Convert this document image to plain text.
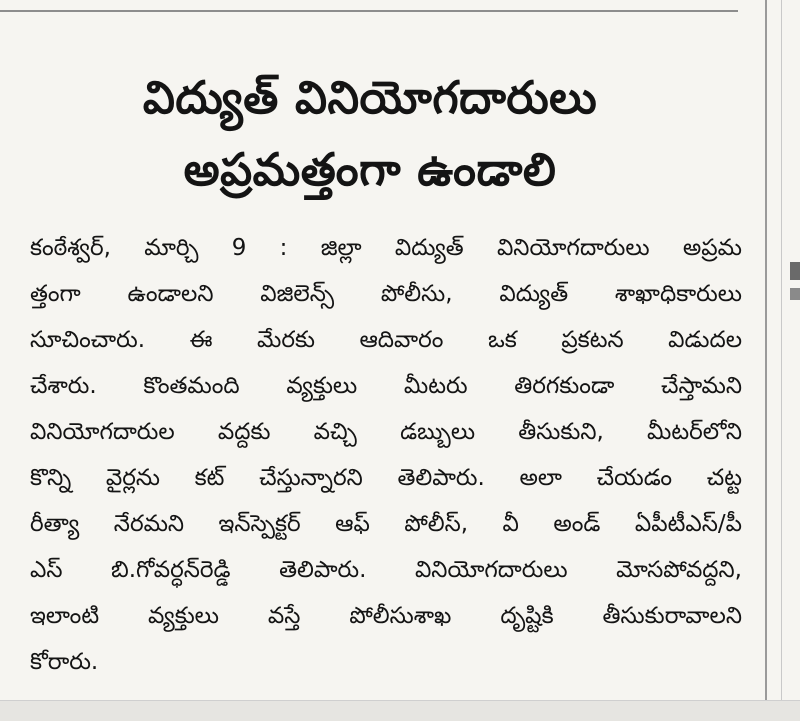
విద్యుత్ వినియోగదారులు
అప్రమత్తంగా ఉండాలి
కంఠేశ్వర్, మార్చి 9 : జిల్లా విద్యుత్ వినియోగదారులు అప్రమ
త్తంగా ఉండాలని విజిలెన్స్ పోలీసు, విద్యుత్ శాఖాధికారులు
సూచించారు. ఈ మేరకు ఆదివారం ఒక ప్రకటన విడుదల
చేశారు. కొంతమంది వ్యక్తులు మీటరు తిరగకుండా చేస్తామని
వినియోగదారుల వద్దకు వచ్చి డబ్బులు తీసుకుని, మీటర్‌లోని
కొన్ని వైర్లను కట్ చేస్తున్నారని తెలిపారు. అలా చేయడం చట్ట
రీత్యా నేరమని ఇన్‌స్పెక్టర్ ఆఫ్ పోలీస్, వీ అండ్ ఏపీటీఎస్/పీ
ఎస్ బి.గోవర్ధన్‌రెడ్డి తెలిపారు. వినియోగదారులు మోసపోవద్దని,
ఇలాంటి వ్యక్తులు వస్తే పోలీసుశాఖ దృష్టికి తీసుకురావాలని
కోరారు.
